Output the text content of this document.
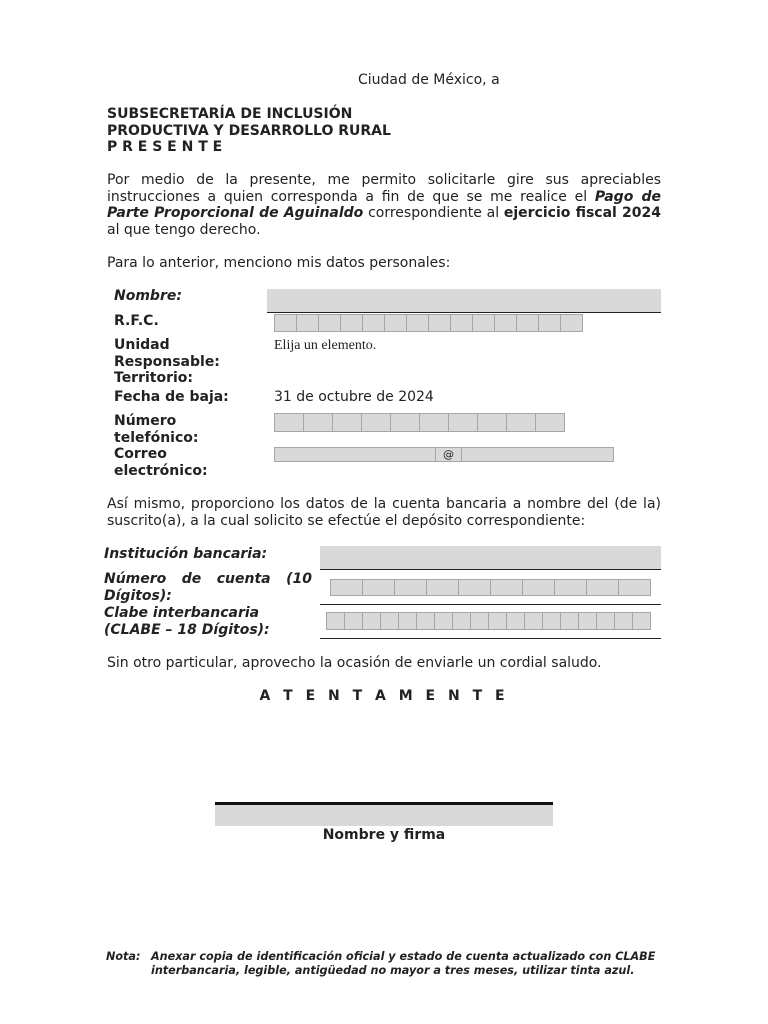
Ciudad de México, a
SUBSECRETARÍA DE INCLUSIÓN
PRODUCTIVA Y DESARROLLO RURAL
P R E S E N T E
Por medio de la presente, me permito solicitarle gire sus apreciables instrucciones a quien corresponda a fin de que se me realice el Pago de Parte Proporcional de Aguinaldo correspondiente al ejercicio fiscal 2024 al que tengo derecho.
Para lo anterior, menciono mis datos personales:
Nombre:
R.F.C.
Unidad
Responsable:
Territorio:
Elija un elemento.
Fecha de baja:	31 de octubre de 2024
Número
telefónico:
Correo
electrónico:
@
Así mismo, proporciono los datos de la cuenta bancaria a nombre del (de la) suscrito(a), a la cual solicito se efectúe el depósito correspondiente:
Institución bancaria:
Número de cuenta (10
Dígitos):
Clabe interbancaria
(CLABE – 18 Dígitos):
Sin otro particular, aprovecho la ocasión de enviarle un cordial saludo.
A T E N T A M E N T E
Nombre y firma
Nota: Anexar copia de identificación oficial y estado de cuenta actualizado con CLABE interbancaria, legible, antigüedad no mayor a tres meses, utilizar tinta azul.
